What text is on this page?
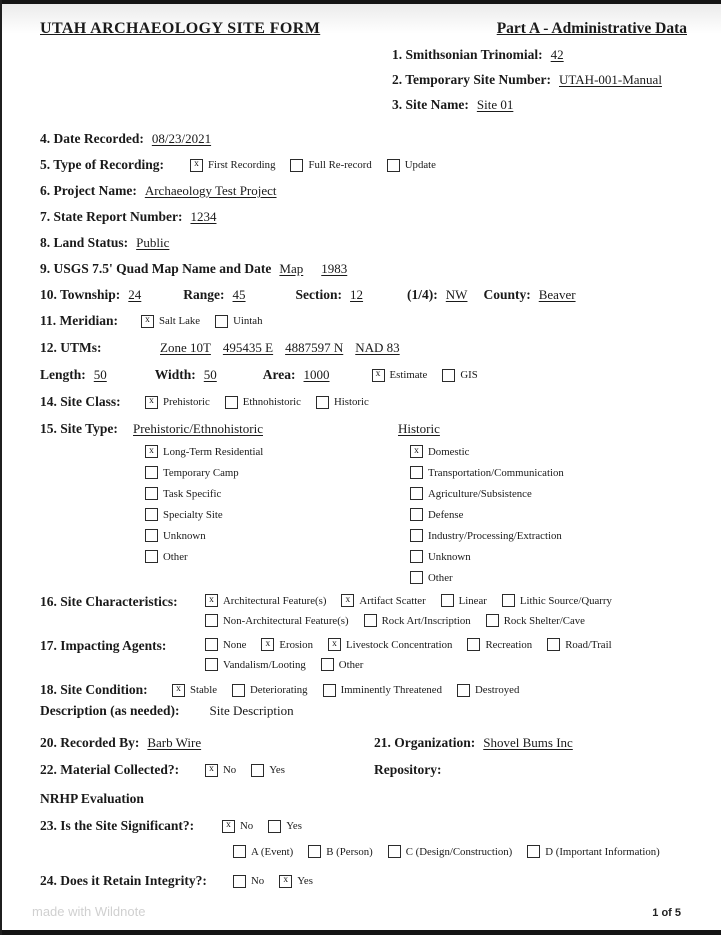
UTAH ARCHAEOLOGY SITE FORM	Part A - Administrative Data
1. Smithsonian Trinomial: 42
2. Temporary Site Number: UTAH-001-Manual
3. Site Name: Site 01
4. Date Recorded: 08/23/2021
5. Type of Recording:	x First Recording	Full Re-record	Update
6. Project Name: Archaeology Test Project
7. State Report Number: 1234
8. Land Status: Public
9. USGS 7.5' Quad Map Name and Date Map 1983
10. Township: 24	Range: 45	Section: 12	(1/4): NW County: Beaver
11. Meridian:	x Salt Lake	Uintah
12. UTMs:	Zone 10T 495435 E 4887597 N NAD 83
Length: 50	Width: 50	Area: 1000	x Estimate	GIS
14. Site Class:	x Prehistoric	Ethnohistoric	Historic
15. Site Type:	Prehistoric/Ethnohistoric
x Long-Term Residential
Temporary Camp
Task Specific
Specialty Site
Unknown
Other
Historic
x Domestic
Transportation/Communication
Agriculture/Subsistence
Defense
Industry/Processing/Extraction
Unknown
Other
16. Site Characteristics:	x Architectural Feature(s)	x Artifact Scatter	Linear	Lithic Source/Quarry
Non-Architectural Feature(s)	Rock Art/Inscription	Rock Shelter/Cave
17. Impacting Agents:	None	x Erosion	x Livestock Concentration	Recreation	Road/Trail
Vandalism/Looting	Other
18. Site Condition:	x Stable	Deteriorating	Imminently Threatened	Destroyed
Description (as needed): Site Description
20. Recorded By: Barb Wire	21. Organization: Shovel Bums Inc
22. Material Collected?:	x No	Yes	Repository:
NRHP Evaluation
23. Is the Site Significant?:	x No	Yes
A (Event)	B (Person)	C (Design/Construction)	D (Important Information)
24. Does it Retain Integrity?:	No	x Yes
made with Wildnote	1 of 5
